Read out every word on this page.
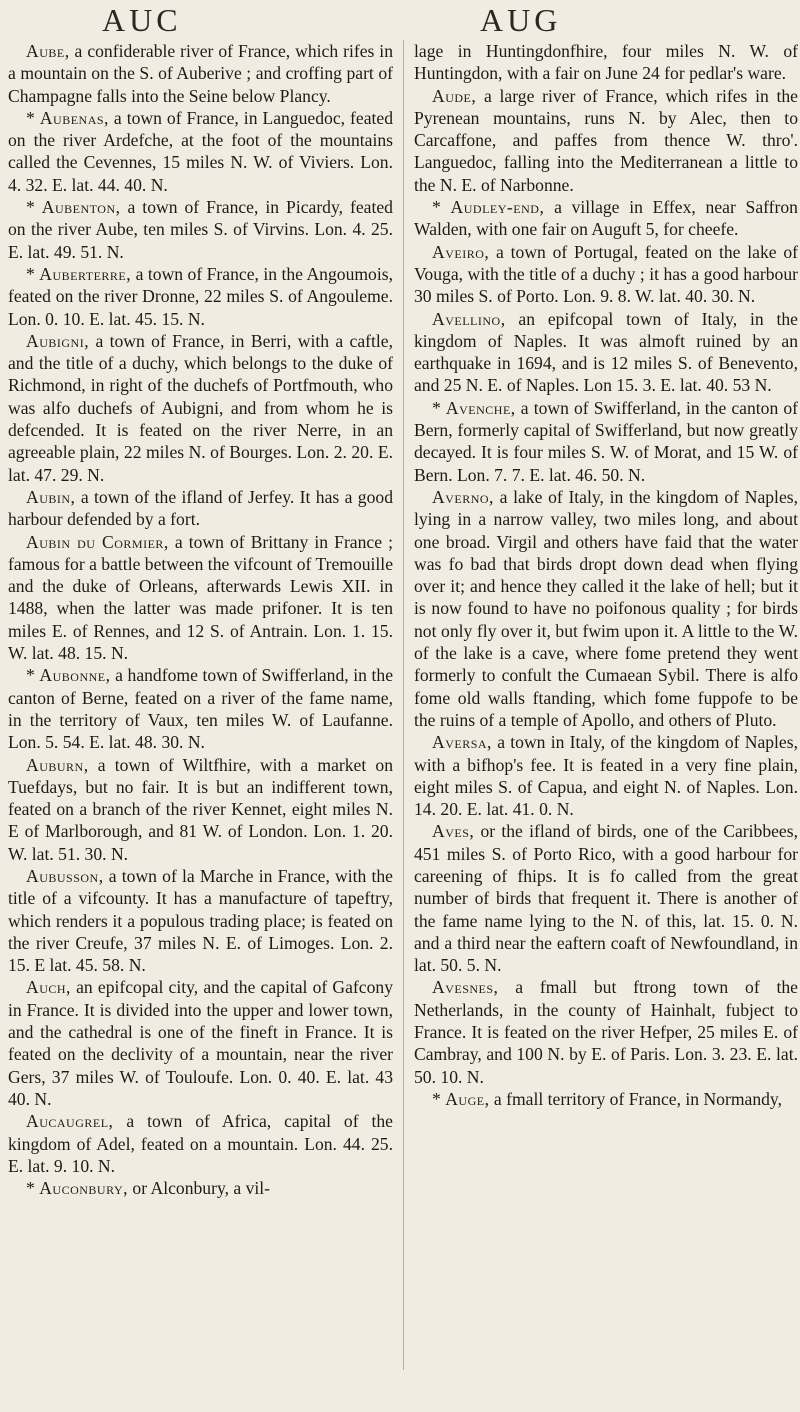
AUC	AUG

Aube, a confiderable river of France, which rifes in a mountain on the S. of Auberive ; and croffing part of Champagne falls into the Seine below Plancy.

* Aubenas, a town of France, in Languedoc, feated on the river Ardefche, at the foot of the mountains called the Cevennes, 15 miles N. W. of Viviers. Lon. 4. 32. E. lat. 44. 40. N.

* Aubenton, a town of France, in Picardy, feated on the river Aube, ten miles S. of Virvins. Lon. 4. 25. E. lat. 49. 51. N.

* Auberterre, a town of France, in the Angoumois, feated on the river Dronne, 22 miles S. of Angouleme. Lon. 0. 10. E. lat. 45. 15. N.

Aubigni, a town of France, in Berri, with a caftle, and the title of a duchy, which belongs to the duke of Richmond, in right of the duchefs of Portfmouth, who was alfo duchefs of Aubigni, and from whom he is defcended. It is feated on the river Nerre, in an agreeable plain, 22 miles N. of Bourges. Lon. 2. 20. E. lat. 47. 29. N.

Aubin, a town of the ifland of Jerfey. It has a good harbour defended by a fort.

Aubin du Cormier, a town of Brittany in France ; famous for a battle between the vifcount of Tremouille and the duke of Orleans, afterwards Lewis XII. in 1488, when the latter was made prifoner. It is ten miles E. of Rennes, and 12 S. of Antrain. Lon. 1. 15. W. lat. 48. 15. N.

* Aubonne, a handfome town of Swifferland, in the canton of Berne, feated on a river of the fame name, in the territory of Vaux, ten miles W. of Laufanne. Lon. 5. 54. E. lat. 48. 30. N.

Auburn, a town of Wiltfhire, with a market on Tuefdays, but no fair. It is but an indifferent town, feated on a branch of the river Kennet, eight miles N. E of Marlborough, and 81 W. of London. Lon. 1. 20. W. lat. 51. 30. N.

Aubusson, a town of la Marche in France, with the title of a vifcounty. It has a manufacture of tapeftry, which renders it a populous trading place; is feated on the river Creufe, 37 miles N. E. of Limoges. Lon. 2. 15. E lat. 45. 58. N.

Auch, an epifcopal city, and the capital of Gafcony in France. It is divided into the upper and lower town, and the cathedral is one of the fineft in France. It is feated on the declivity of a mountain, near the river Gers, 37 miles W. of Touloufe. Lon. 0. 40. E. lat. 43 40. N.

Aucaugrel, a town of Africa, capital of the kingdom of Adel, feated on a mountain. Lon. 44. 25. E. lat. 9. 10. N.

* Auconbury, or Alconbury, a vil-

lage in Huntingdonfhire, four miles N. W. of Huntingdon, with a fair on June 24 for pedlar's ware.

Aude, a large river of France, which rifes in the Pyrenean mountains, runs N. by Alec, then to Carcaffone, and paffes from thence W. thro'. Languedoc, falling into the Mediterranean a little to the N. E. of Narbonne.

* Audley-end, a village in Effex, near Saffron Walden, with one fair on Auguft 5, for cheefe.

Aveiro, a town of Portugal, feated on the lake of Vouga, with the title of a duchy ; it has a good harbour 30 miles S. of Porto. Lon. 9. 8. W. lat. 40. 30. N.

Avellino, an epifcopal town of Italy, in the kingdom of Naples. It was almoft ruined by an earthquake in 1694, and is 12 miles S. of Benevento, and 25 N. E. of Naples. Lon 15. 3. E. lat. 40. 53 N.

* Avenche, a town of Swifferland, in the canton of Bern, formerly capital of Swifferland, but now greatly decayed. It is four miles S. W. of Morat, and 15 W. of Bern. Lon. 7. 7. E. lat. 46. 50. N.

Averno, a lake of Italy, in the kingdom of Naples, lying in a narrow valley, two miles long, and about one broad. Virgil and others have faid that the water was fo bad that birds dropt down dead when flying over it; and hence they called it the lake of hell; but it is now found to have no poifonous quality ; for birds not only fly over it, but fwim upon it. A little to the W. of the lake is a cave, where fome pretend they went formerly to confult the Cumaean Sybil. There is alfo fome old walls ftanding, which fome fuppofe to be the ruins of a temple of Apollo, and others of Pluto.

Aversa, a town in Italy, of the kingdom of Naples, with a bifhop's fee. It is feated in a very fine plain, eight miles S. of Capua, and eight N. of Naples. Lon. 14. 20. E. lat. 41. 0. N.

Aves, or the ifland of birds, one of the Caribbees, 451 miles S. of Porto Rico, with a good harbour for careening of fhips. It is fo called from the great number of birds that frequent it. There is another of the fame name lying to the N. of this, lat. 15. 0. N. and a third near the eaftern coaft of Newfoundland, in lat. 50. 5. N.

Avesnes, a fmall but ftrong town of the Netherlands, in the county of Hainhalt, fubject to France. It is feated on the river Hefper, 25 miles E. of Cambray, and 100 N. by E. of Paris. Lon. 3. 23. E. lat. 50. 10. N.

* Auge, a fmall territory of France, in Normandy,
